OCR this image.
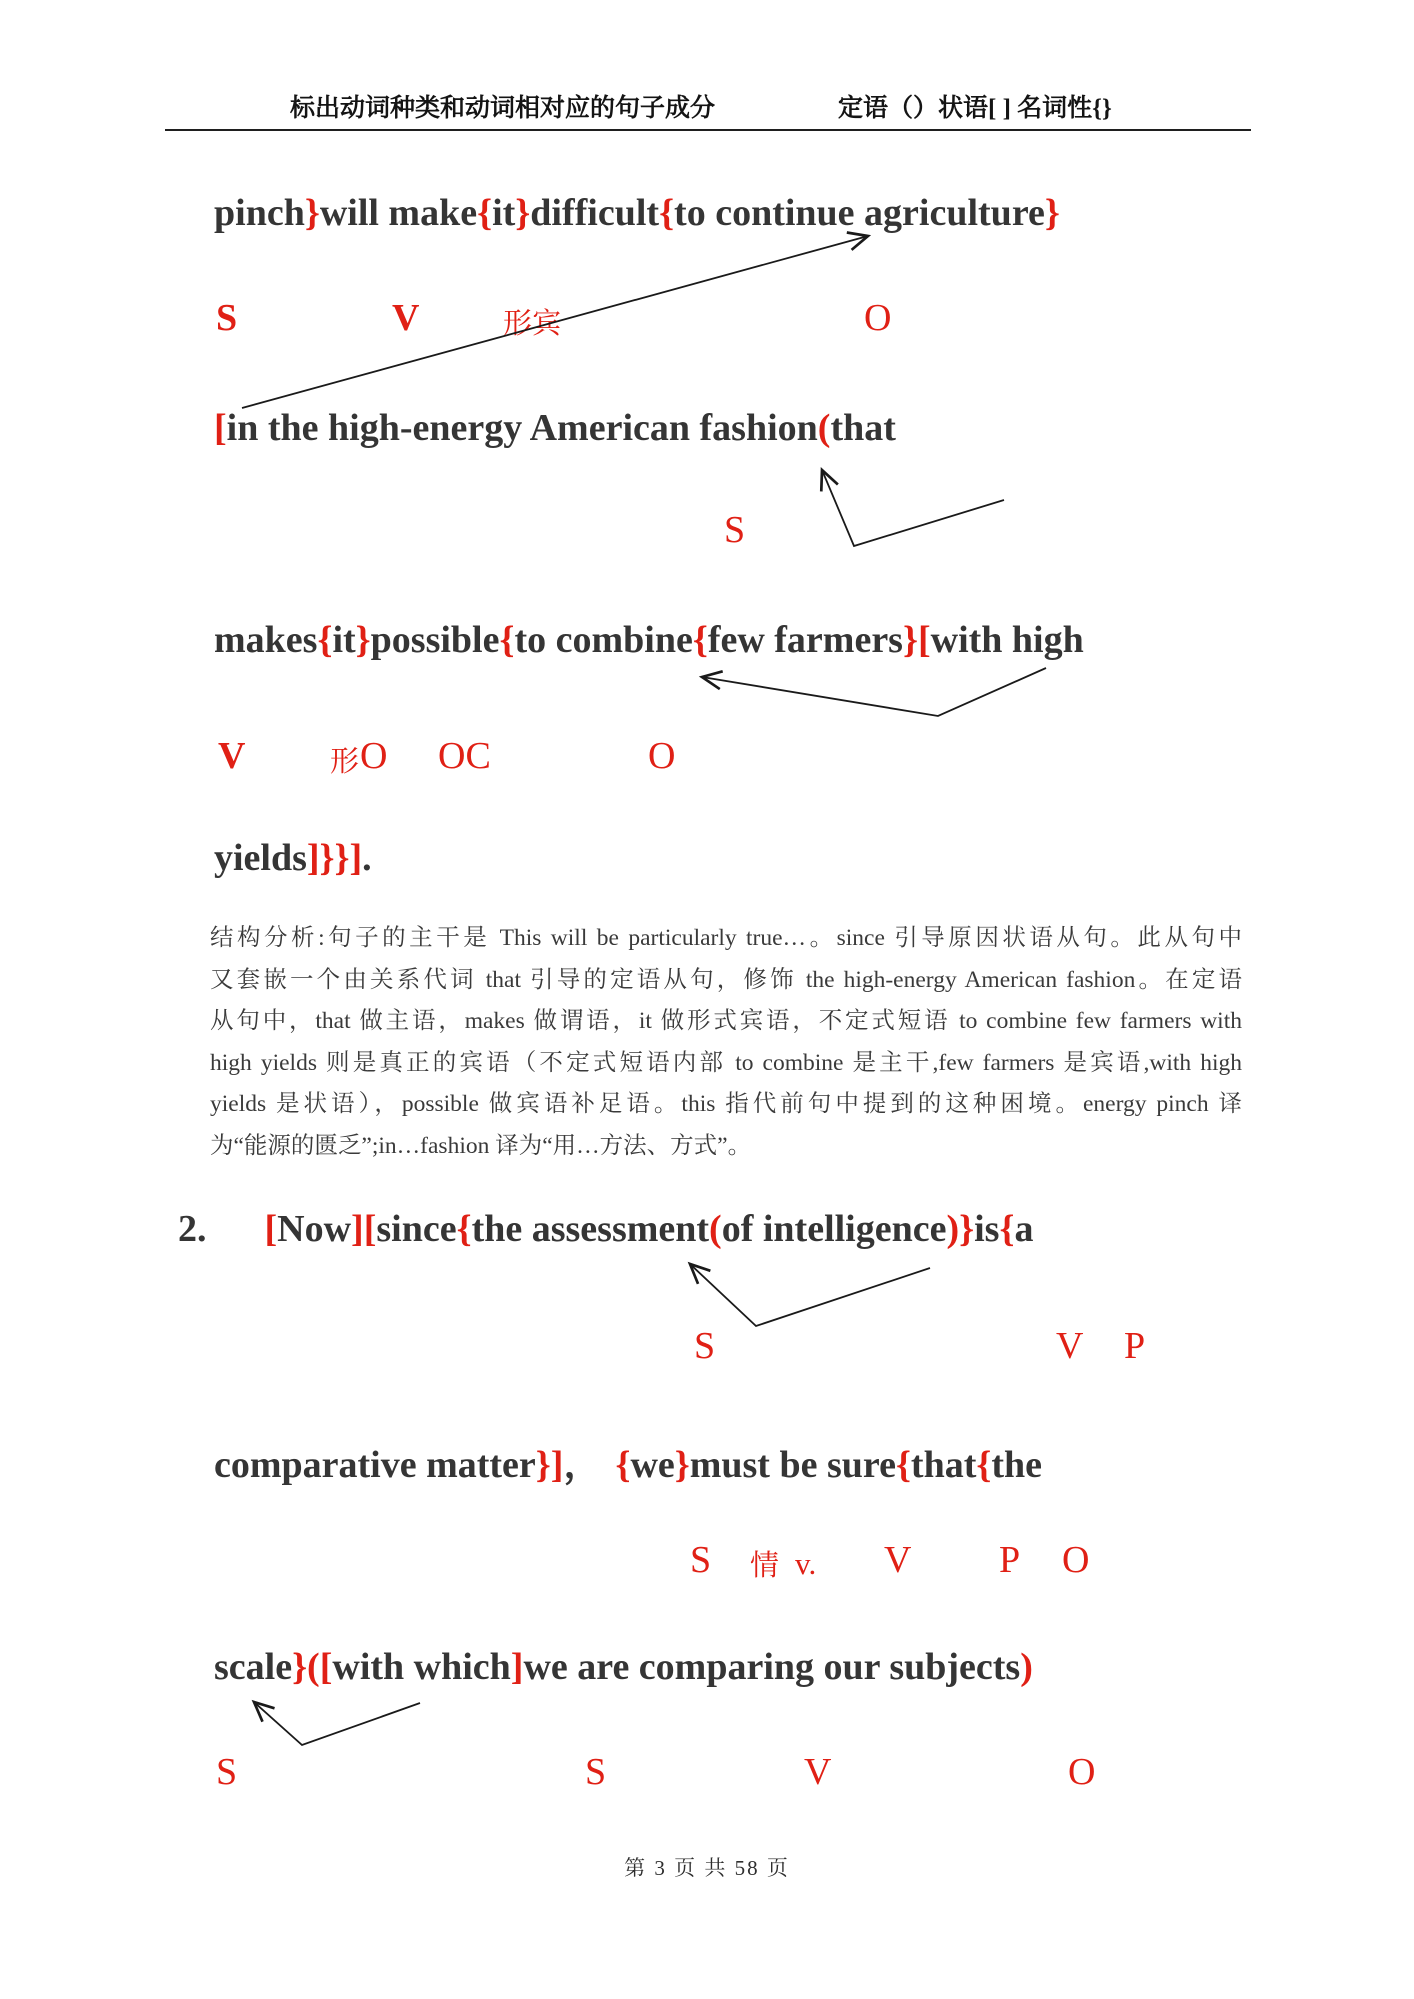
标出动词种类和动词相对应的句子成分	定语（）状语[ ] 名词性{}
pinch}will make{it}difficult{to continue agriculture}
S	V	形宾	O
[in the high-energy American fashion(that
S
makes{it}possible{to combine{few farmers}[with high
V	形 O OC	O
yields]}}].
结构分析:句子的主干是 This will be particularly true…。since 引导原因状语从句。此从句中
又套嵌一个由关系代词 that 引导的定语从句，修饰 the high-energy American fashion。在定语
从句中，that 做主语，makes 做谓语，it 做形式宾语，不定式短语 to combine few farmers with
high yields 则是真正的宾语（不定式短语内部 to combine 是主干,few farmers 是宾语,with high
yields 是状语），possible 做宾语补足语。this 指代前句中提到的这种困境。energy pinch 译
为“能源的匮乏”;in…fashion 译为“用…方法、方式”。
2. [Now][since{the assessment(of intelligence)}is{a
S	V P
comparative matter}]， {we}must be sure{that{the
S 情 v. V P O
scale}([with which]we are comparing our subjects)
S	S	V	O
第 3 页 共 58 页
